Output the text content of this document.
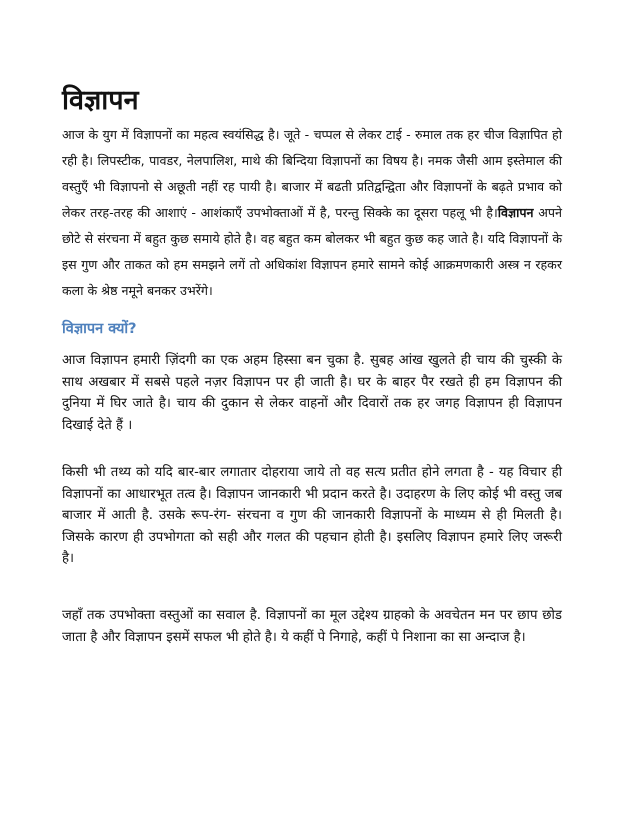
विज्ञापन

आज के युग में विज्ञापनों का महत्व स्वयंसिद्ध है। जूते - चप्पल से लेकर टाई - रुमाल तक हर चीज विज्ञापित हो रही है। लिपस्टीक, पावडर, नेलपालिश, माथे की बिन्दिया विज्ञापनों का विषय है। नमक जैसी आम इस्तेमाल की वस्तुएँ भी विज्ञापनो से अछूती नहीं रह पायी है। बाजार में बढती प्रतिद्वन्द्विता और विज्ञापनों के बढ़ते प्रभाव को लेकर तरह-तरह की आशाएं - आशंकाएँ उपभोक्ताओं में है, परन्तु सिक्के का दूसरा पहलू भी है।विज्ञापन अपने छोटे से संरचना में बहुत कुछ समाये होते है। वह बहुत कम बोलकर भी बहुत कुछ कह जाते है। यदि विज्ञापनों के इस गुण और ताकत को हम समझने लगें तो अधिकांश विज्ञापन हमारे सामने कोई आक्रमणकारी अस्त्र न रहकर कला के श्रेष्ठ नमूने बनकर उभरेंगे।

विज्ञापन क्यों?

आज विज्ञापन हमारी ज़िंदगी का एक अहम हिस्सा बन चुका है. सुबह आंख खुलते ही चाय की चुस्की के साथ अखबार में सबसे पहले नज़र विज्ञापन पर ही जाती है। घर के बाहर पैर रखते ही हम विज्ञापन की दुनिया में घिर जाते है। चाय की दुकान से लेकर वाहनों और दिवारों तक हर जगह विज्ञापन ही विज्ञापन दिखाई देते हैं ।

किसी भी तथ्य को यदि बार-बार लगातार दोहराया जाये तो वह सत्य प्रतीत होने लगता है - यह विचार ही विज्ञापनों का आधारभूत तत्व है। विज्ञापन जानकारी भी प्रदान करते है। उदाहरण के लिए कोई भी वस्तु जब बाजार में आती है. उसके रूप-रंग- संरचना व गुण की जानकारी विज्ञापनों के माध्यम से ही मिलती है। जिसके कारण ही उपभोगता को सही और गलत की पहचान होती है। इसलिए विज्ञापन हमारे लिए जरूरी है।

जहाँ तक उपभोक्ता वस्तुओं का सवाल है. विज्ञापनों का मूल उद्देश्य ग्राहको के अवचेतन मन पर छाप छोड जाता है और विज्ञापन इसमें सफल भी होते है। ये कहीं पे निगाहे, कहीं पे निशाना का सा अन्दाज है।
